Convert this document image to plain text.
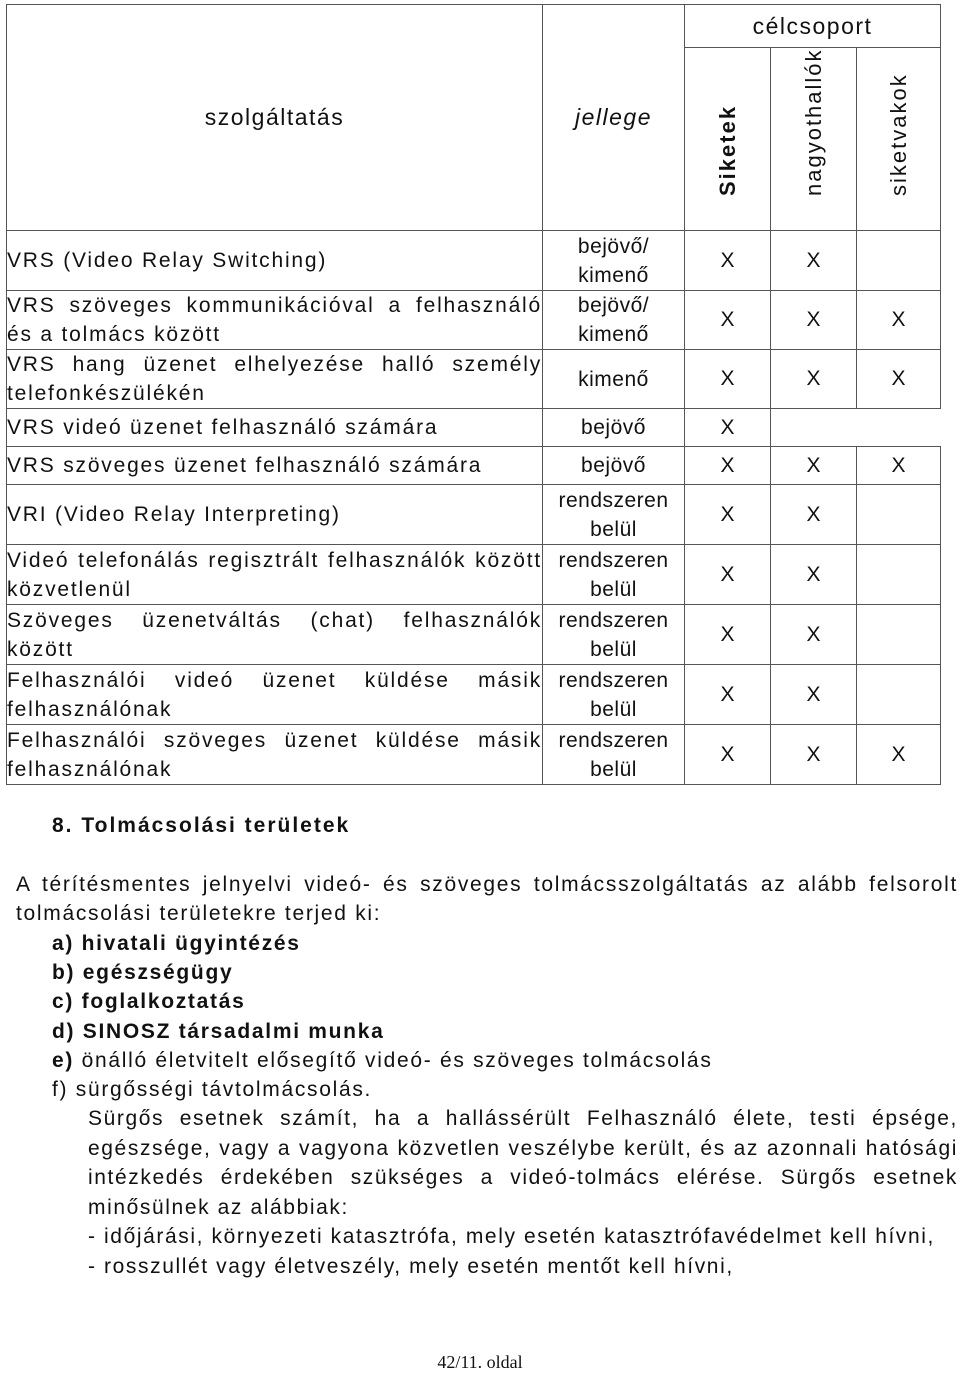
szolgáltatás	jellege	célcsoport		

		Siketek	nagyothallók	siketvakok

VRS (Video Relay Switching)	bejövő/ kimenő	X	X	

VRS szöveges kommunikációval a felhasználó és a tolmács között	bejövő/ kimenő	X	X	X

VRS hang üzenet elhelyezése halló személy telefonkészülékén	kimenő	X	X	X

VRS videó üzenet felhasználó számára	bejövő	X		

VRS szöveges üzenet felhasználó számára	bejövő	X	X	X

VRI (Video Relay Interpreting)	rendszeren belül	X	X	

Videó telefonálás regisztrált felhasználók között közvetlenül	rendszeren belül	X	X	

Szöveges üzenetváltás (chat) felhasználók között	rendszeren belül	X	X	

Felhasználói videó üzenet küldése másik felhasználónak	rendszeren belül	X	X	

Felhasználói szöveges üzenet küldése másik felhasználónak	rendszeren belül	X	X	X
8. Tolmácsolási területek
A térítésmentes jelnyelvi videó- és szöveges tolmácsszolgáltatás az alább felsorolt tolmácsolási területekre terjed ki:
a) hivatali ügyintézés
b) egészségügy
c) foglalkoztatás
d) SINOSZ társadalmi munka
e) önálló életvitelt elősegítő videó- és szöveges tolmácsolás
f) sürgősségi távtolmácsolás.
Sürgős esetnek számít, ha a hallássérült Felhasználó élete, testi épsége, egészsége, vagy a vagyona közvetlen veszélybe került, és az azonnali hatósági intézkedés érdekében szükséges a videó-tolmács elérése. Sürgős esetnek minősülnek az alábbiak:
- időjárási, környezeti katasztrófa, mely esetén katasztrófavédelmet kell hívni,
- rosszullét vagy életveszély, mely esetén mentőt kell hívni,
42/11. oldal
